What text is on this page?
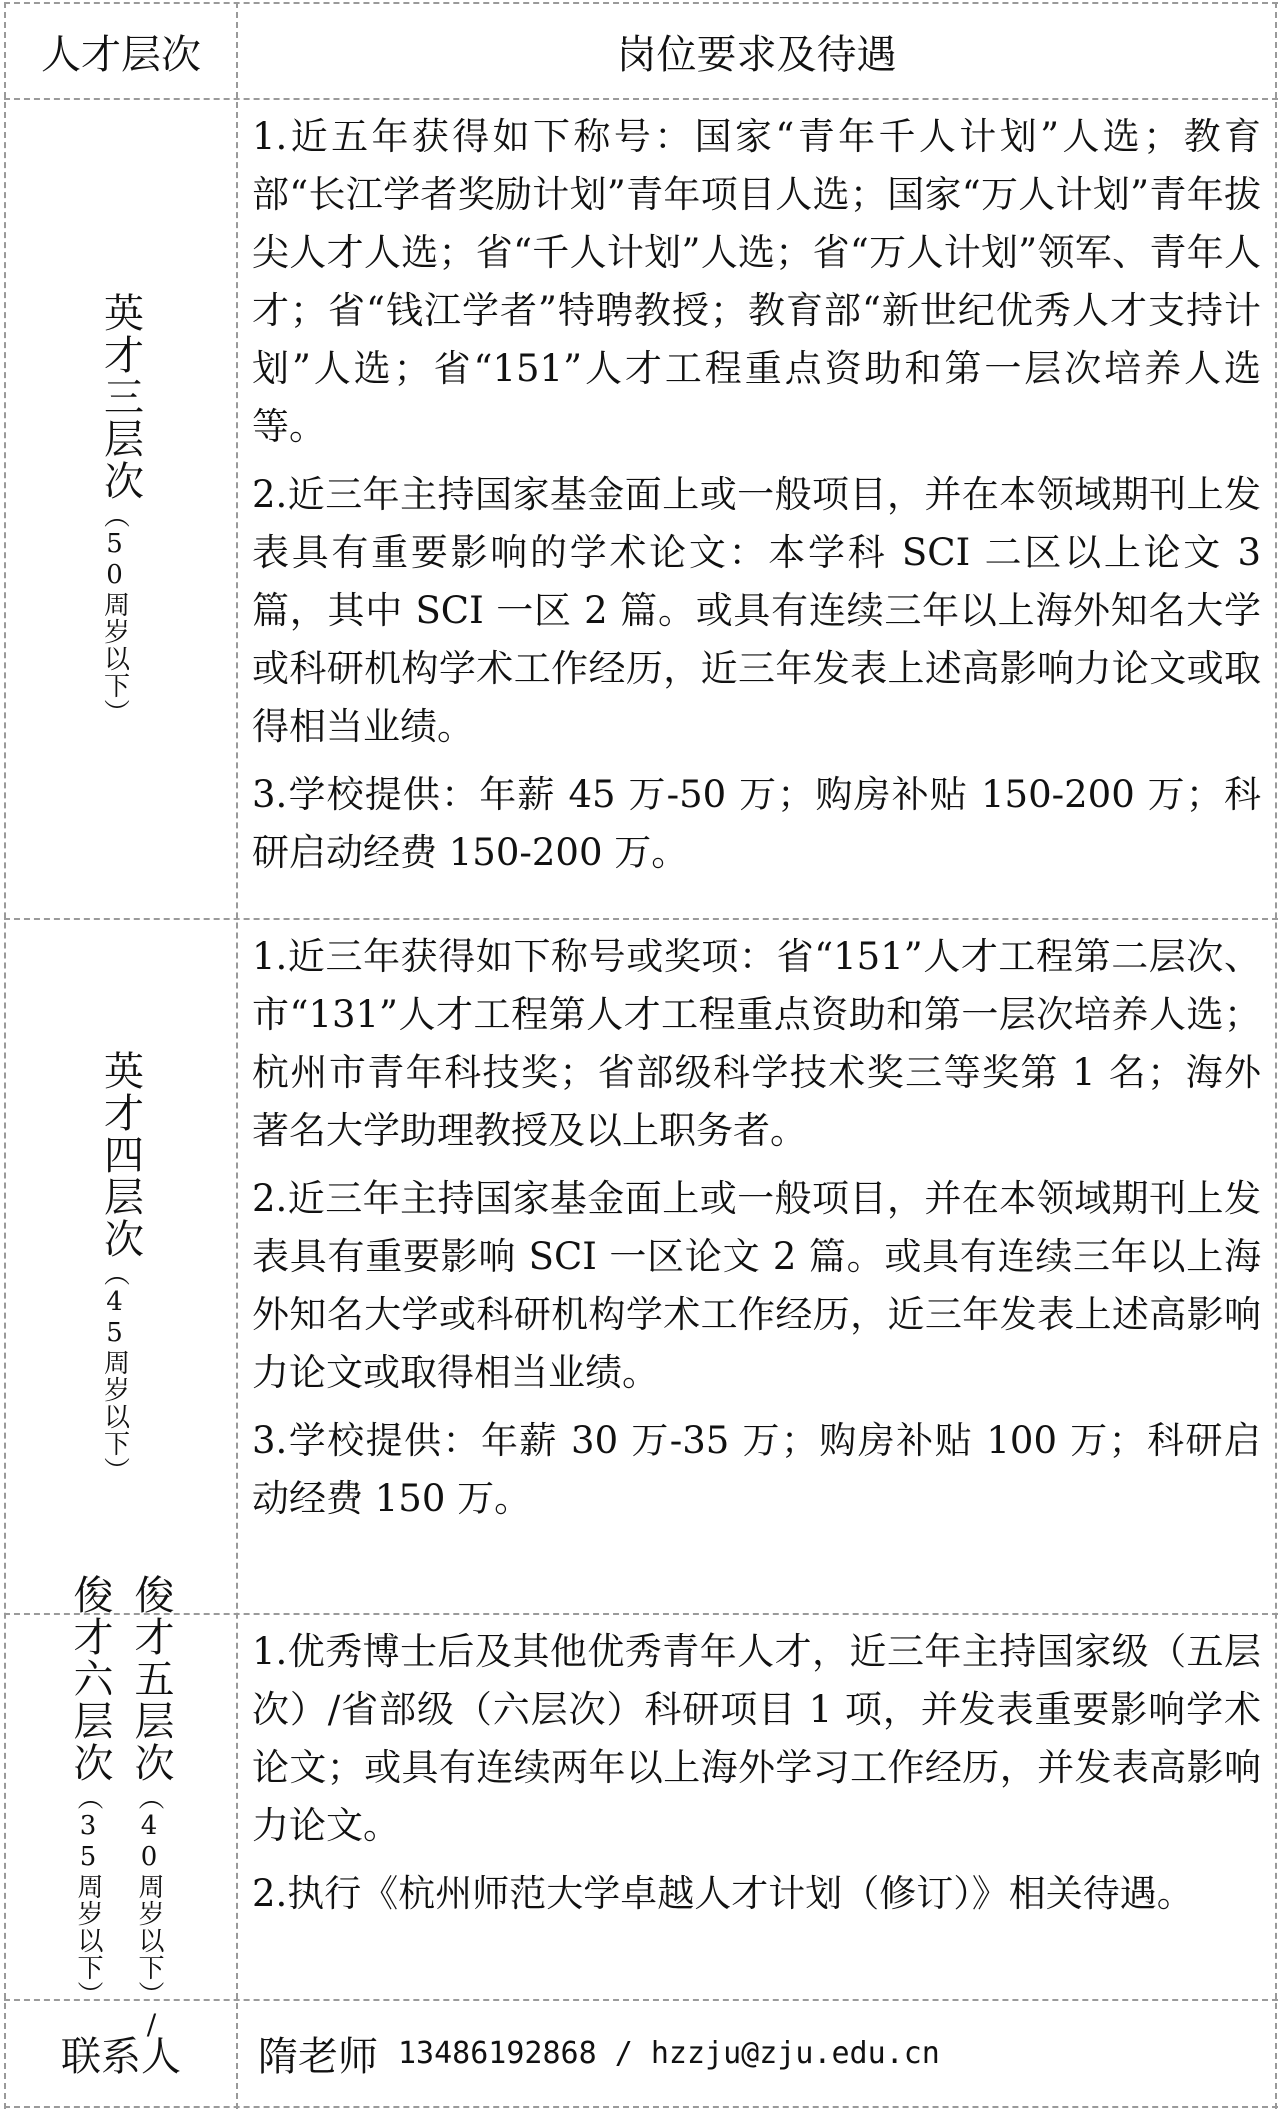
人才层次	岗位要求及待遇
英才三层次
（50周岁以下）

1.近五年获得如下称号：国家“青年千人计划”人选；教育部“长江学者奖励计划”青年项目人选；国家“万人计划”青年拔尖人才人选；省“千人计划”人选；省“万人计划”领军、青年人才；省“钱江学者”特聘教授；教育部“新世纪优秀人才支持计划”人选；省“151”人才工程重点资助和第一层次培养人选等。

2.近三年主持国家基金面上或一般项目，并在本领域期刊上发表具有重要影响的学术论文：本学科 SCI 二区以上论文 3 篇，其中 SCI 一区 2 篇。或具有连续三年以上海外知名大学或科研机构学术工作经历，近三年发表上述高影响力论文或取得相当业绩。

3.学校提供：年薪 45 万-50 万；购房补贴 150-200 万；科研启动经费 150-200 万。

英才四层次
（45周岁以下）

1.近三年获得如下称号或奖项：省“151”人才工程第二层次、市“131”人才工程第人才工程重点资助和第一层次培养人选；杭州市青年科技奖；省部级科学技术奖三等奖第 1 名；海外著名大学助理教授及以上职务者。

2.近三年主持国家基金面上或一般项目，并在本领域期刊上发表具有重要影响 SCI 一区论文 2 篇。或具有连续三年以上海外知名大学或科研机构学术工作经历，近三年发表上述高影响力论文或取得相当业绩。

3.学校提供：年薪 30 万-35 万；购房补贴 100 万；科研启动经费 150 万。

俊才五层次
（40周岁以下）
/
俊才六层次
（35周岁以下）

1.优秀博士后及其他优秀青年人才，近三年主持国家级（五层次）/省部级（六层次）科研项目 1 项，并发表重要影响学术论文；或具有连续两年以上海外学习工作经历，并发表高影响力论文。

2.执行《杭州师范大学卓越人才计划（修订）》相关待遇。

联系人	隋老师 13486192868 / hzzju@zju.edu.cn
